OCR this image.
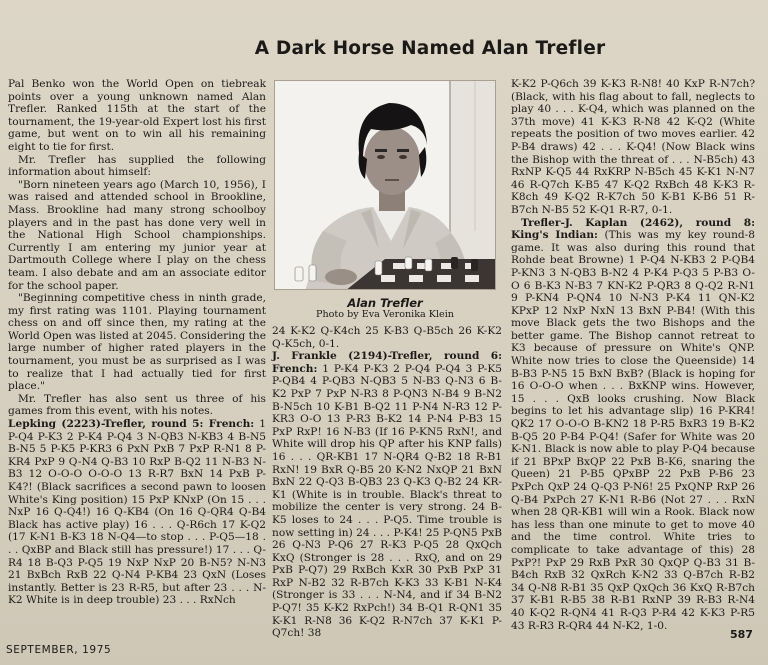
A Dark Horse Named Alan Trefler

Pal Benko won the World Open on tiebreak points over a young unknown named Alan Trefler. Ranked 115th at the start of the tournament, the 19-year-old Expert lost his first game, but went on to win all his remaining eight to tie for first.

Mr. Trefler has supplied the following information about himself:

"Born nineteen years ago (March 10, 1956), I was raised and attended school in Brookline, Mass. Brookline had many strong schoolboy players and in the past has done very well in the National High School championships. Currently I am entering my junior year at Dartmouth College where I play on the chess team. I also debate and am an associate editor for the school paper.

"Beginning competitive chess in ninth grade, my first rating was 1101. Playing tournament chess on and off since then, my rating at the World Open was listed at 2045. Considering the large number of higher rated players in the tournament, you must be as surprised as I was to realize that I had actually tied for first place."

Mr. Trefler has also sent us three of his games from this event, with his notes.

Lepking (2223)-Trefler, round 5: French: 1 P-Q4 P-K3 2 P-K4 P-Q4 3 N-QB3 N-KB3 4 B-N5 B-N5 5 P-K5 P-KR3 6 PxN PxB 7 PxP R-N1 8 P-KR4 PxP 9 Q-N4 Q-B3 10 RxP B-Q2 11 N-B3 N-B3 12 O-O-O O-O-O 13 R-R7 BxN 14 PxB P-K4?! (Black sacrifices a second pawn to loosen White's King position) 15 PxP KNxP (On 15 . . . NxP 16 Q-Q4!) 16 Q-KB4 (On 16 Q-QR4 Q-B4 Black has active play) 16 . . . Q-R6ch 17 K-Q2 (17 K-N1 B-K3 18 N-Q4—to stop . . . P-Q5—18 . . . QxBP and Black still has pressure!) 17 . . . Q-R4 18 B-Q3 P-Q5 19 NxP NxP 20 B-N5? N-N3 21 BxBch RxB 22 Q-N4 P-KB4 23 QxN (Loses instantly. Better is 23 R-R5, but after 23 . . . N-K2 White is in deep trouble) 23 . . . RxNch

Alan Trefler
Photo by Eva Veronika Klein

24 K-K2 Q-K4ch 25 K-B3 Q-B5ch 26 K-K2 Q-K5ch, 0-1.

J. Frankle (2194)-Trefler, round 6: French: 1 P-K4 P-K3 2 P-Q4 P-Q4 3 P-K5 P-QB4 4 P-QB3 N-QB3 5 N-B3 Q-N3 6 B-K2 PxP 7 PxP N-R3 8 P-QN3 N-B4 9 B-N2 B-N5ch 10 K-B1 B-Q2 11 P-N4 N-R3 12 P-KR3 O-O 13 P-R3 B-K2 14 P-N4 P-B3 15 PxP RxP! 16 N-B3 (If 16 P-KN5 RxN!, and White will drop his QP after his KNP falls) 16 . . . QR-KB1 17 N-QR4 Q-B2 18 R-B1 RxN! 19 BxR Q-B5 20 K-N2 NxQP 21 BxN BxN 22 Q-Q3 B-QB3 23 Q-K3 Q-B2 24 KR-K1 (White is in trouble. Black's threat to mobilize the center is very strong. 24 B-K5 loses to 24 . . . P-Q5. Time trouble is now setting in) 24 . . . P-K4! 25 P-QN5 PxB 26 Q-N3 P-Q6 27 R-K3 P-Q5 28 QxQch KxQ (Stronger is 28 . . . RxQ, and on 29 PxB P-Q7) 29 RxBch KxR 30 PxB PxP 31 RxP N-B2 32 R-B7ch K-K3 33 K-B1 N-K4 (Stronger is 33 . . . N-N4, and if 34 B-N2 P-Q7! 35 K-K2 RxPch!) 34 B-Q1 R-QN1 35 K-K1 R-N8 36 K-Q2 R-N7ch 37 K-K1 P-Q7ch! 38

K-K2 P-Q6ch 39 K-K3 R-N8! 40 KxP R-N7ch? (Black, with his flag about to fall, neglects to play 40 . . . K-Q4, which was planned on the 37th move) 41 K-K3 R-N8 42 K-Q2 (White repeats the position of two moves earlier. 42 P-B4 draws) 42 . . . K-Q4! (Now Black wins the Bishop with the threat of . . . N-B5ch) 43 RxNP K-Q5 44 RxKRP N-B5ch 45 K-K1 N-N7 46 R-Q7ch K-B5 47 K-Q2 RxBch 48 K-K3 R-K8ch 49 K-Q2 R-K7ch 50 K-B1 K-B6 51 R-B7ch N-B5 52 K-Q1 R-R7, 0-1.

Trefler-J. Kaplan (2462), round 8: King's Indian: (This was my key round-8 game. It was also during this round that Rohde beat Browne) 1 P-Q4 N-KB3 2 P-QB4 P-KN3 3 N-QB3 B-N2 4 P-K4 P-Q3 5 P-B3 O-O 6 B-K3 N-B3 7 KN-K2 P-QR3 8 Q-Q2 R-N1 9 P-KN4 P-QN4 10 N-N3 P-K4 11 QN-K2 KPxP 12 NxP NxN 13 BxN P-B4! (With this move Black gets the two Bishops and the better game. The Bishop cannot retreat to K3 because of pressure on White's QNP. White now tries to close the Queenside) 14 B-B3 P-N5 15 BxN BxB? (Black is hoping for 16 O-O-O when . . . BxKNP wins. However, 15 . . . QxB looks crushing. Now Black begins to let his advantage slip) 16 P-KR4! QK2 17 O-O-O B-KN2 18 P-R5 BxR3 19 B-K2 B-Q5 20 P-B4 P-Q4! (Safer for White was 20 K-N1. Black is now able to play P-Q4 because if 21 BPxP BxQP 22 PxB B-K6, snaring the Queen) 21 P-B5 QPxBP 22 PxB P-B6 23 PxPch QxP 24 Q-Q3 P-N6! 25 PxQNP RxP 26 Q-B4 PxPch 27 K-N1 R-B6 (Not 27 . . . RxN when 28 QR-KB1 will win a Rook. Black now has less than one minute to get to move 40 and the time control. White tries to complicate to take advantage of this) 28 PxP?! PxP 29 RxB PxR 30 QxQP Q-B3 31 B-B4ch RxB 32 QxRch K-N2 33 Q-B7ch R-B2 34 Q-N8 R-B1 35 QxP QxQch 36 KxQ R-B7ch 37 K-B1 R-B5 38 R-B1 RxNP 39 R-B3 R-N4 40 K-Q2 R-QN4 41 R-Q3 P-R4 42 K-K3 P-R5 43 R-R3 R-QR4 44 N-K2, 1-0.

SEPTEMBER, 1975
587
